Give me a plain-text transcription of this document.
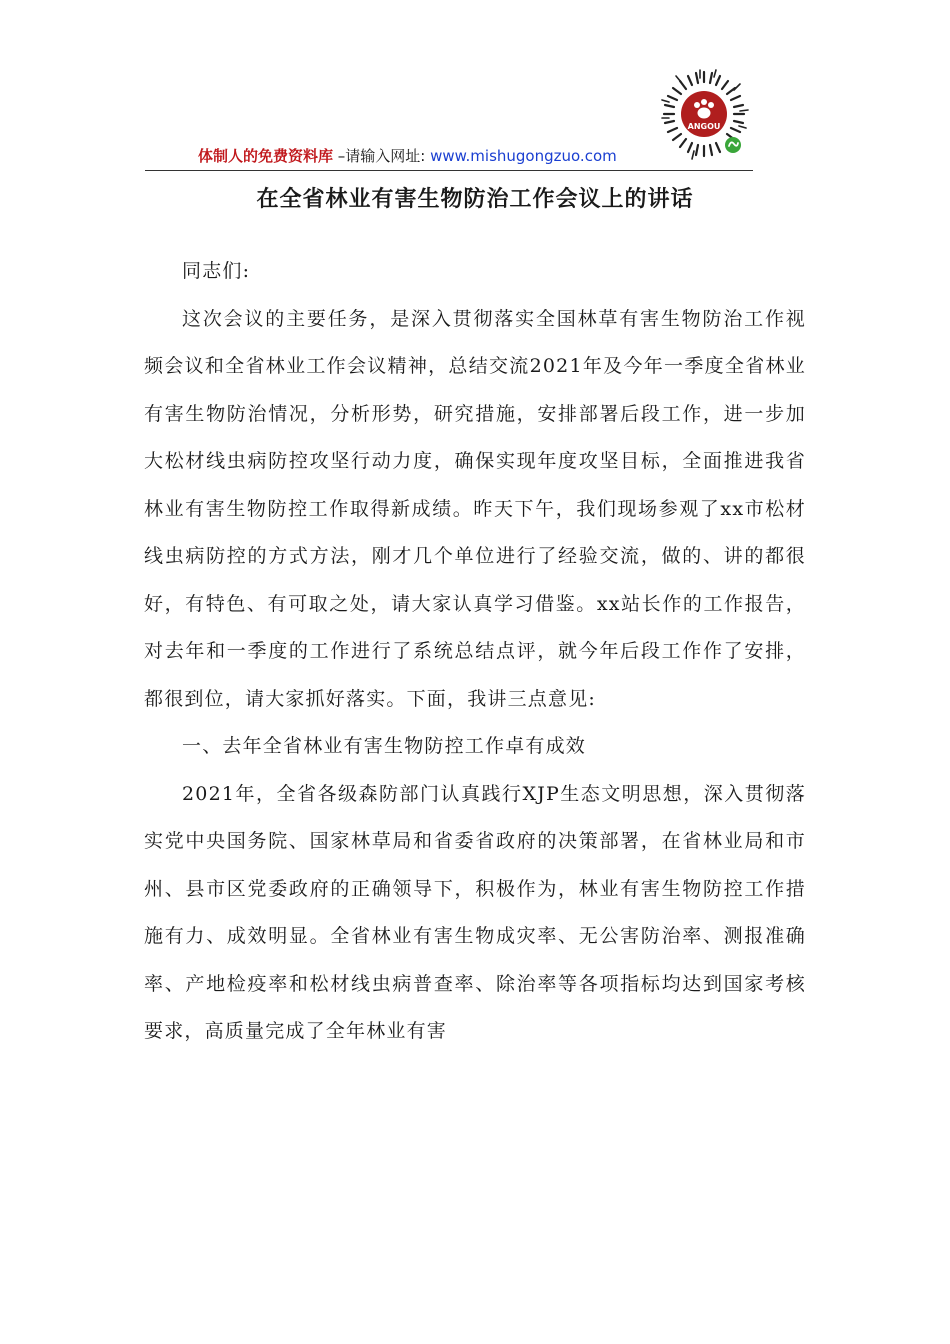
体制人的免费资料库 –请输入网址: www.mishugongzuo.com
ANGOU
在全省林业有害生物防治工作会议上的讲话

同志们:

这次会议的主要任务，是深入贯彻落实全国林草有害生物防治工作视频会议和全省林业工作会议精神，总结交流2021年及今年一季度全省林业有害生物防治情况，分析形势，研究措施，安排部署后段工作，进一步加大松材线虫病防控攻坚行动力度，确保实现年度攻坚目标，全面推进我省林业有害生物防控工作取得新成绩。昨天下午，我们现场参观了xx市松材线虫病防控的方式方法，刚才几个单位进行了经验交流，做的、讲的都很好，有特色、有可取之处，请大家认真学习借鉴。xx站长作的工作报告，对去年和一季度的工作进行了系统总结点评，就今年后段工作作了安排，都很到位，请大家抓好落实。下面，我讲三点意见:

一、去年全省林业有害生物防控工作卓有成效

2021年，全省各级森防部门认真践行XJP生态文明思想，深入贯彻落实党中央国务院、国家林草局和省委省政府的决策部署，在省林业局和市州、县市区党委政府的正确领导下，积极作为，林业有害生物防控工作措施有力、成效明显。全省林业有害生物成灾率、无公害防治率、测报准确率、产地检疫率和松材线虫病普查率、除治率等各项指标均达到国家考核要求，高质量完成了全年林业有害
